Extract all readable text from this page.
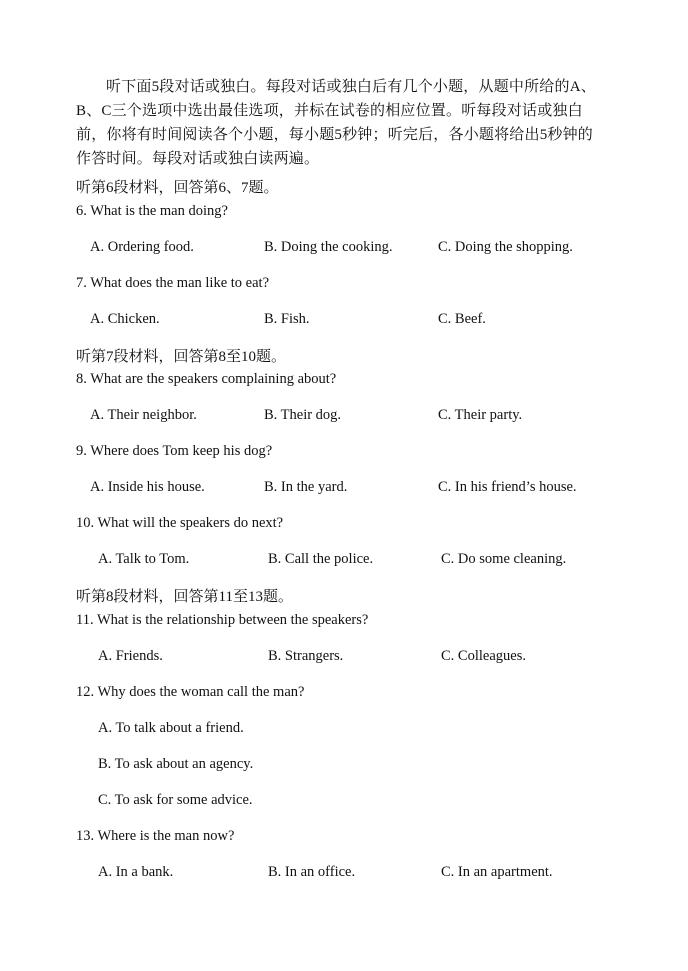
听下面5段对话或独白。每段对话或独白后有几个小题，从题中所给的A、B、C三个选项中选出最佳选项，并标在试卷的相应位置。听每段对话或独白前，你将有时间阅读各个小题，每小题5秒钟；听完后，各小题将给出5秒钟的作答时间。每段对话或独白读两遍。
听第6段材料，回答第6、7题。
6. What is the man doing?
A. Ordering food.	B. Doing the cooking.	C. Doing the shopping.
7. What does the man like to eat?
A. Chicken.	B. Fish.	C. Beef.
听第7段材料，回答第8至10题。
8. What are the speakers complaining about?
A. Their neighbor.	B. Their dog.	C. Their party.
9. Where does Tom keep his dog?
A. Inside his house.	B. In the yard.	C. In his friend’s house.
10. What will the speakers do next?
A. Talk to Tom.	B. Call the police.	C. Do some cleaning.
听第8段材料，回答第11至13题。
11. What is the relationship between the speakers?
A. Friends.	B. Strangers.	C. Colleagues.
12. Why does the woman call the man?
A. To talk about a friend.
B. To ask about an agency.
C. To ask for some advice.
13. Where is the man now?
A. In a bank.	B. In an office.	C. In an apartment.
